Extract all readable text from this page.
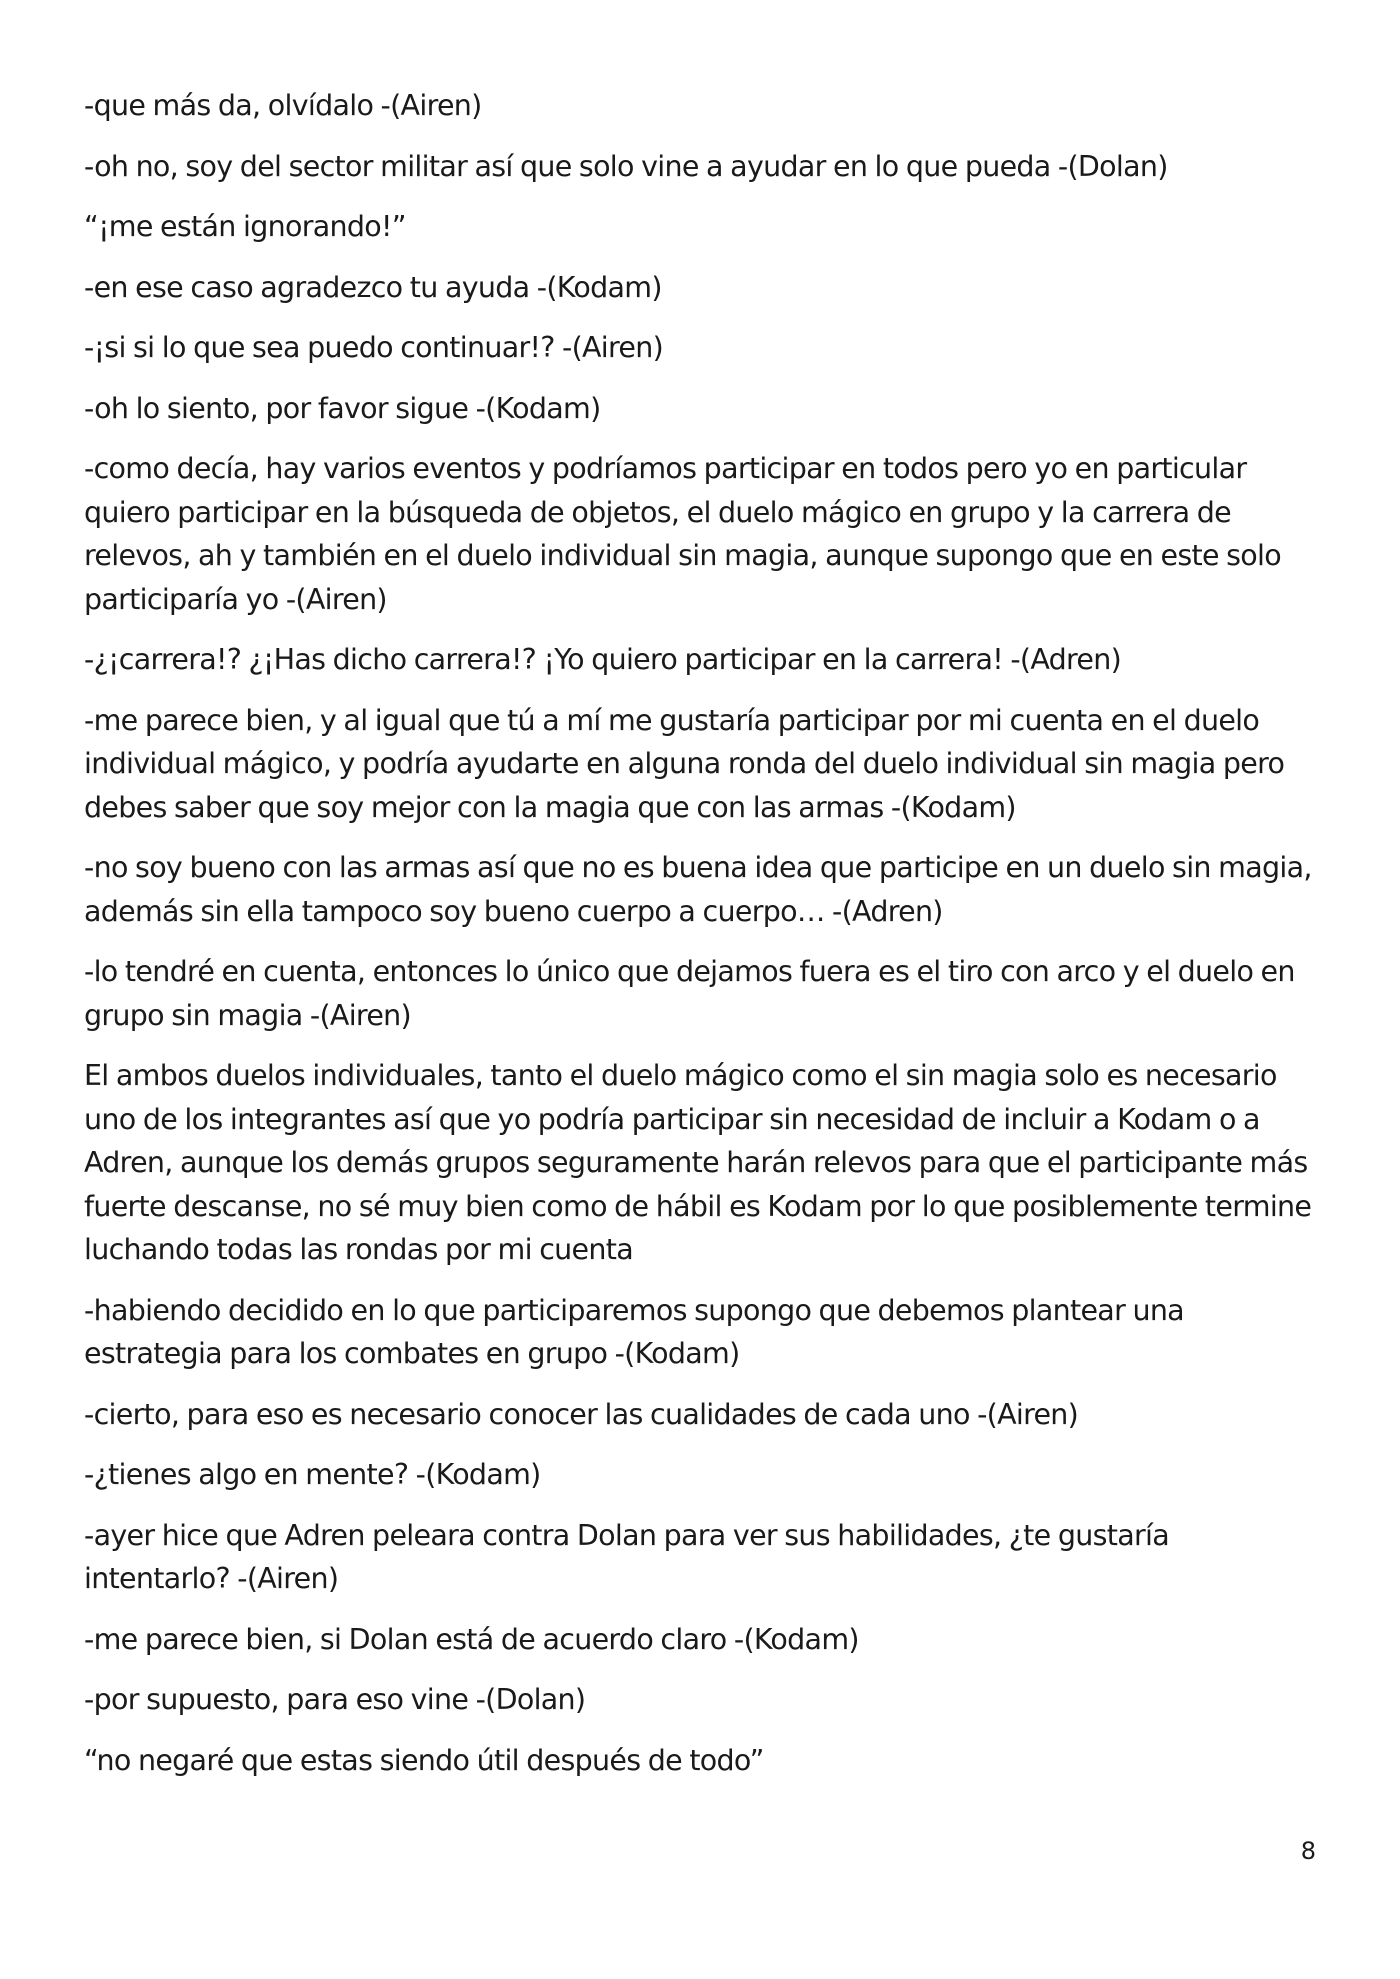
-que más da, olvídalo -(Airen)

-oh no, soy del sector militar así que solo vine a ayudar en lo que pueda -(Dolan)

“¡me están ignorando!”

-en ese caso agradezco tu ayuda -(Kodam)

-¡si si lo que sea puedo continuar!? -(Airen)

-oh lo siento, por favor sigue -(Kodam)

-como decía, hay varios eventos y podríamos participar en todos pero yo en particular quiero participar en la búsqueda de objetos, el duelo mágico en grupo y la carrera de relevos, ah y también en el duelo individual sin magia, aunque supongo que en este solo participaría yo -(Airen)

-¿¡carrera!? ¿¡Has dicho carrera!? ¡Yo quiero participar en la carrera! -(Adren)

-me parece bien, y al igual que tú a mí me gustaría participar por mi cuenta en el duelo individual mágico, y podría ayudarte en alguna ronda del duelo individual sin magia pero debes saber que soy mejor con la magia que con las armas -(Kodam)

-no soy bueno con las armas así que no es buena idea que participe en un duelo sin magia, además sin ella tampoco soy bueno cuerpo a cuerpo… -(Adren)

-lo tendré en cuenta, entonces lo único que dejamos fuera es el tiro con arco y el duelo en grupo sin magia -(Airen)

El ambos duelos individuales, tanto el duelo mágico como el sin magia solo es necesario uno de los integrantes así que yo podría participar sin necesidad de incluir a Kodam o a Adren, aunque los demás grupos seguramente harán relevos para que el participante más fuerte descanse, no sé muy bien como de hábil es Kodam por lo que posiblemente termine luchando todas las rondas por mi cuenta

-habiendo decidido en lo que participaremos supongo que debemos plantear una estrategia para los combates en grupo -(Kodam)

-cierto, para eso es necesario conocer las cualidades de cada uno -(Airen)

-¿tienes algo en mente? -(Kodam)

-ayer hice que Adren peleara contra Dolan para ver sus habilidades, ¿te gustaría intentarlo? -(Airen)

-me parece bien, si Dolan está de acuerdo claro -(Kodam)

-por supuesto, para eso vine -(Dolan)

“no negaré que estas siendo útil después de todo”

8
